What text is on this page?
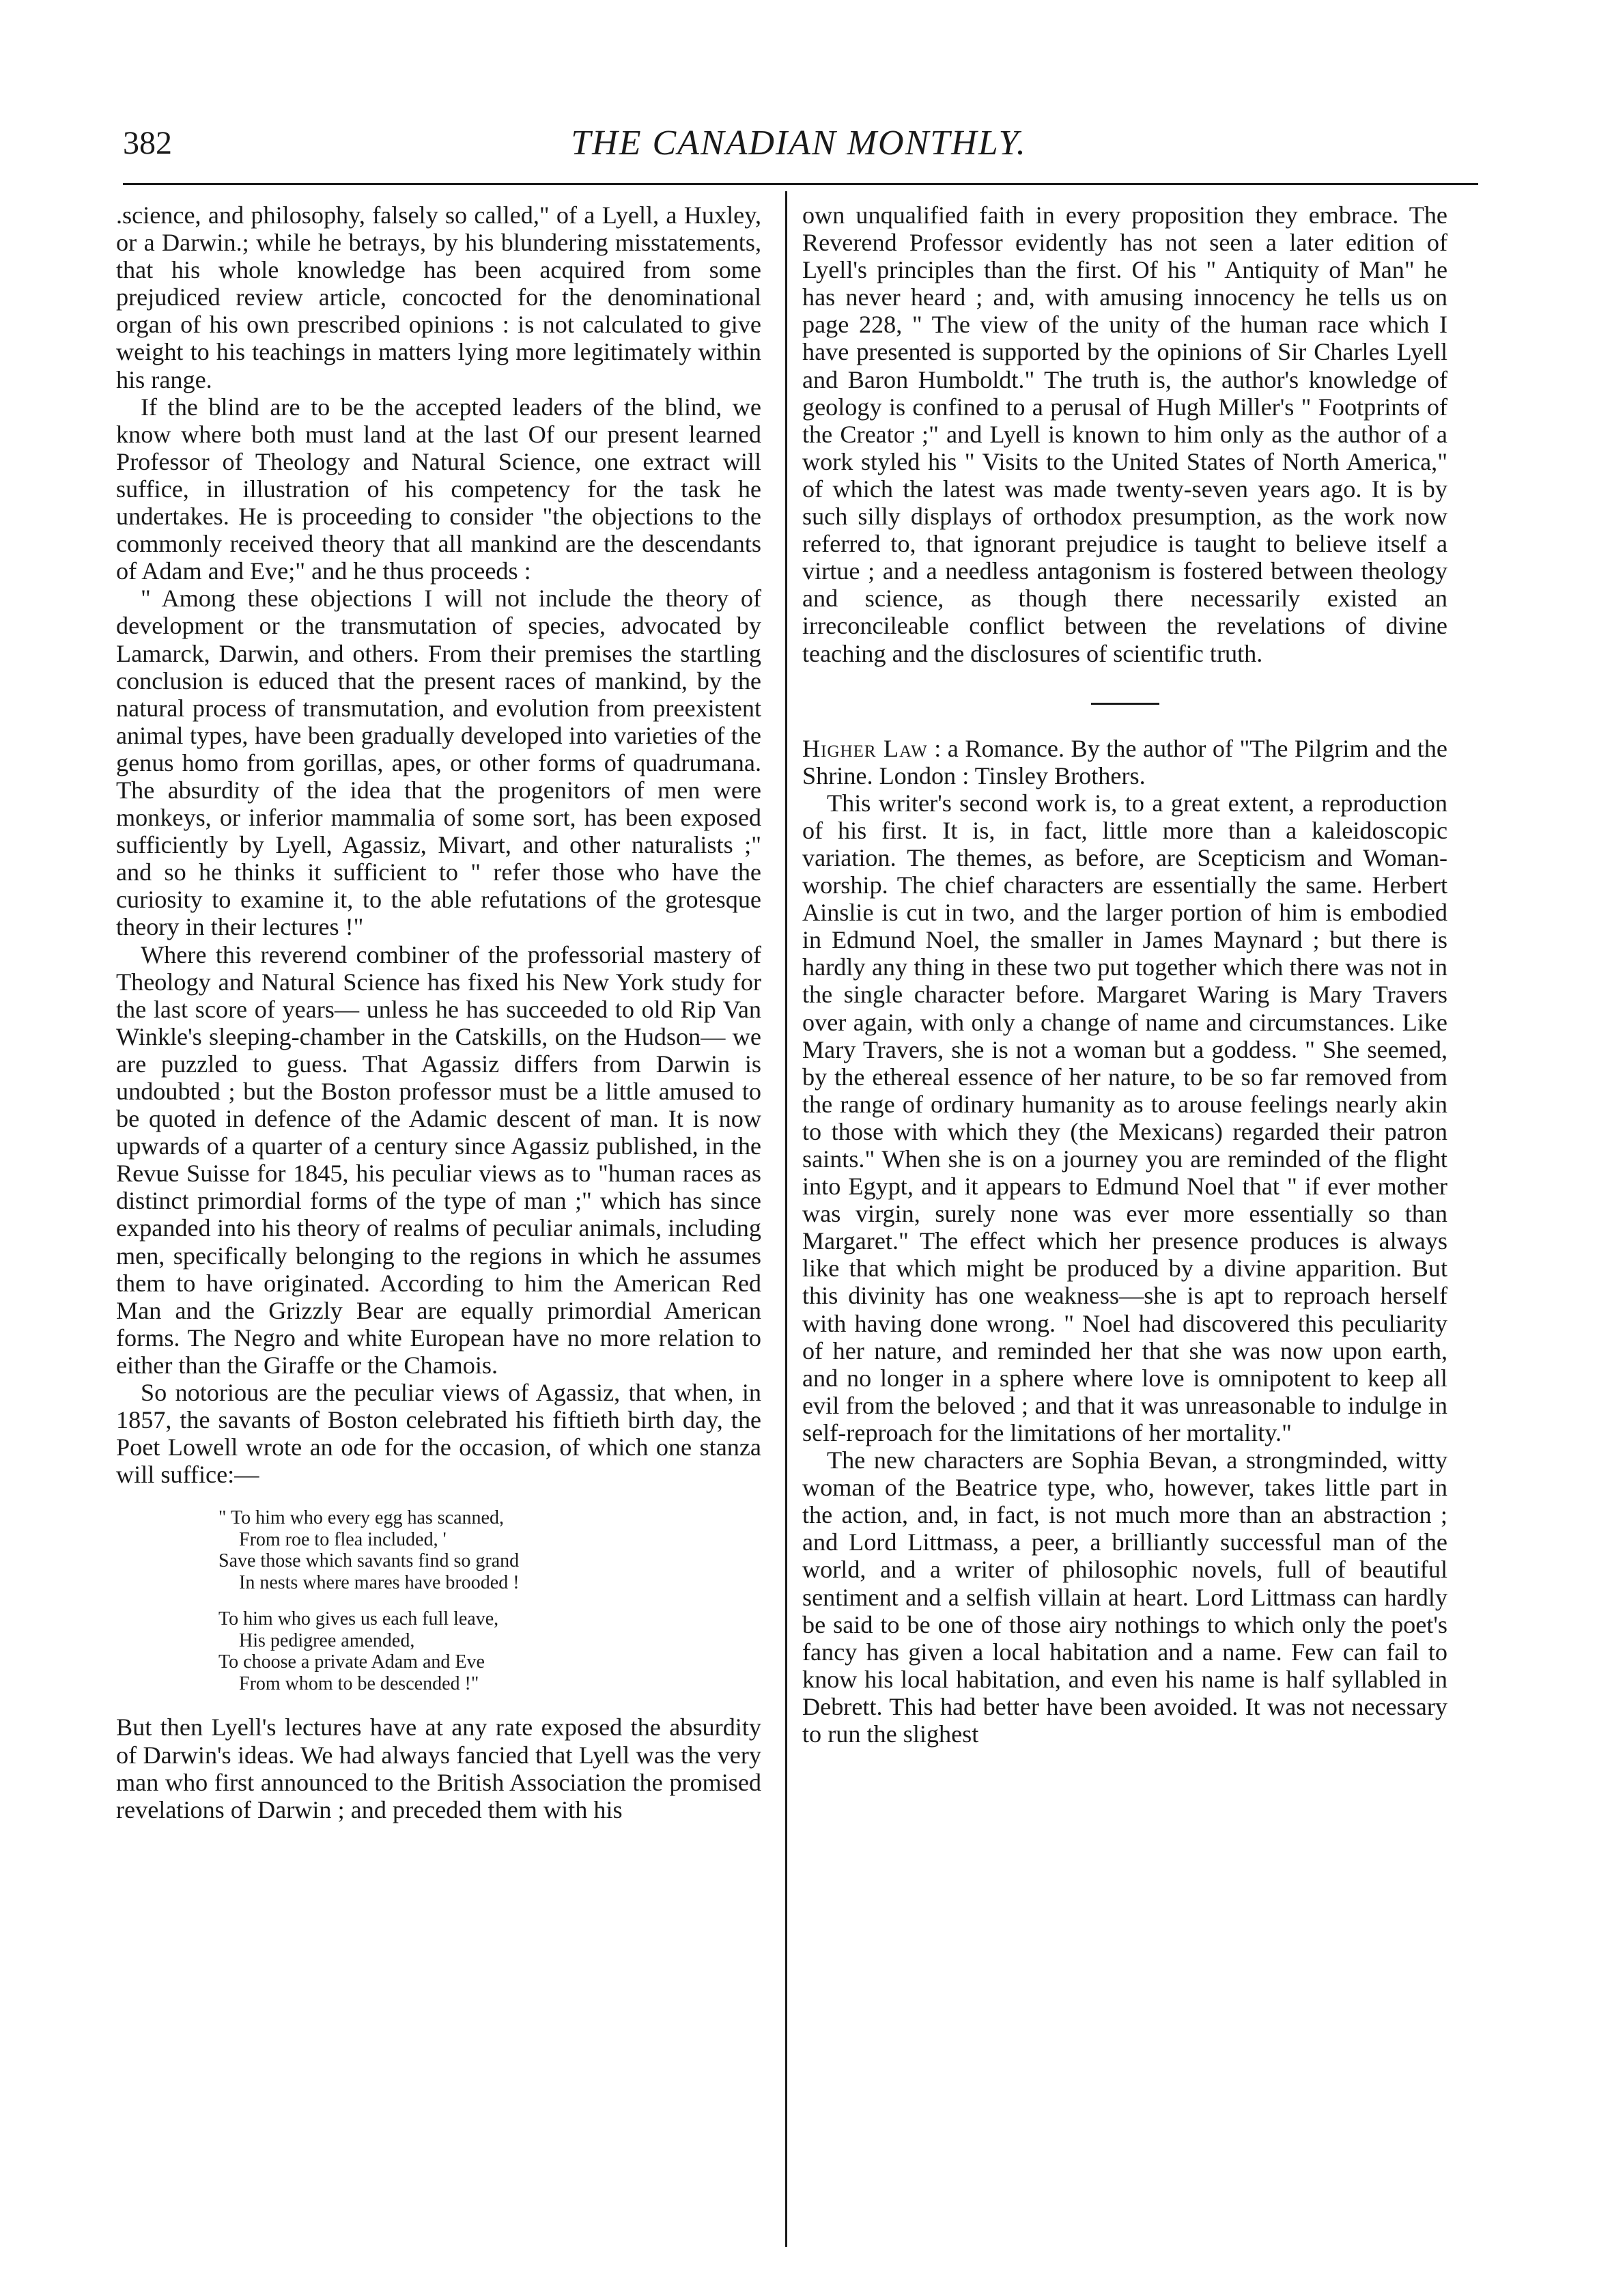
382	THE CANADIAN MONTHLY.

.science, and philosophy, falsely so called," of a Lyell, a Huxley, or a Darwin.; while he betrays, by his blundering misstatements, that his whole knowledge has been acquired from some prejudiced review article, concocted for the denominational organ of his own prescribed opinions : is not calculated to give weight to his teachings in matters lying more legitimately within his range.

If the blind are to be the accepted leaders of the blind, we know where both must land at the last Of our present learned Professor of Theology and Natural Science, one extract will suffice, in illustration of his competency for the task he undertakes. He is proceeding to consider "the objections to the commonly received theory that all mankind are the descendants of Adam and Eve;" and he thus proceeds :

" Among these objections I will not include the theory of development or the transmutation of species, advocated by Lamarck, Darwin, and others. From their premises the startling conclusion is educed that the present races of mankind, by the natural process of transmutation, and evolution from preexistent animal types, have been gradually developed into varieties of the genus homo from gorillas, apes, or other forms of quadrumana. The absurdity of the idea that the progenitors of men were monkeys, or inferior mammalia of some sort, has been exposed sufficiently by Lyell, Agassiz, Mivart, and other naturalists ;" and so he thinks it sufficient to " refer those who have the curiosity to examine it, to the able refutations of the grotesque theory in their lectures !"

Where this reverend combiner of the professorial mastery of Theology and Natural Science has fixed his New York study for the last score of years— unless he has succeeded to old Rip Van Winkle's sleeping-chamber in the Catskills, on the Hudson— we are puzzled to guess. That Agassiz differs from Darwin is undoubted ; but the Boston professor must be a little amused to be quoted in defence of the Adamic descent of man. It is now upwards of a quarter of a century since Agassiz published, in the Revue Suisse for 1845, his peculiar views as to "human races as distinct primordial forms of the type of man ;" which has since expanded into his theory of realms of peculiar animals, including men, specifically belonging to the regions in which he assumes them to have originated. According to him the American Red Man and the Grizzly Bear are equally primordial American forms. The Negro and white European have no more relation to either than the Giraffe or the Chamois.

So notorious are the peculiar views of Agassiz, that when, in 1857, the savants of Boston celebrated his fiftieth birth day, the Poet Lowell wrote an ode for the occasion, of which one stanza will suffice:—

" To him who every egg has scanned,
From roe to flea included, '
Save those which savants find so grand
In nests where mares have brooded !
To him who gives us each full leave,
His pedigree amended,
To choose a private Adam and Eve
From whom to be descended !"

But then Lyell's lectures have at any rate exposed the absurdity of Darwin's ideas. We had always fancied that Lyell was the very man who first announced to the British Association the promised revelations of Darwin ; and preceded them with his

own unqualified faith in every proposition they embrace. The Reverend Professor evidently has not seen a later edition of Lyell's principles than the first. Of his " Antiquity of Man" he has never heard ; and, with amusing innocency he tells us on page 228, " The view of the unity of the human race which I have presented is supported by the opinions of Sir Charles Lyell and Baron Humboldt." The truth is, the author's knowledge of geology is confined to a perusal of Hugh Miller's " Footprints of the Creator ;" and Lyell is known to him only as the author of a work styled his " Visits to the United States of North America," of which the latest was made twenty-seven years ago. It is by such silly displays of orthodox presumption, as the work now referred to, that ignorant prejudice is taught to believe itself a virtue ; and a needless antagonism is fostered between theology and science, as though there necessarily existed an irreconcileable conflict between the revelations of divine teaching and the disclosures of scientific truth.

Higher Law : a Romance. By the author of "The Pilgrim and the Shrine. London : Tinsley Brothers.

This writer's second work is, to a great extent, a reproduction of his first. It is, in fact, little more than a kaleidoscopic variation. The themes, as before, are Scepticism and Woman-worship. The chief characters are essentially the same. Herbert Ainslie is cut in two, and the larger portion of him is embodied in Edmund Noel, the smaller in James Maynard ; but there is hardly any thing in these two put together which there was not in the single character before. Margaret Waring is Mary Travers over again, with only a change of name and circumstances. Like Mary Travers, she is not a woman but a goddess. " She seemed, by the ethereal essence of her nature, to be so far removed from the range of ordinary humanity as to arouse feelings nearly akin to those with which they (the Mexicans) regarded their patron saints." When she is on a journey you are reminded of the flight into Egypt, and it appears to Edmund Noel that " if ever mother was virgin, surely none was ever more essentially so than Margaret." The effect which her presence produces is always like that which might be produced by a divine apparition. But this divinity has one weakness—she is apt to reproach herself with having done wrong. " Noel had discovered this peculiarity of her nature, and reminded her that she was now upon earth, and no longer in a sphere where love is omnipotent to keep all evil from the beloved ; and that it was unreasonable to indulge in self-reproach for the limitations of her mortality."

The new characters are Sophia Bevan, a strongminded, witty woman of the Beatrice type, who, however, takes little part in the action, and, in fact, is not much more than an abstraction ; and Lord Littmass, a peer, a brilliantly successful man of the world, and a writer of philosophic novels, full of beautiful sentiment and a selfish villain at heart. Lord Littmass can hardly be said to be one of those airy nothings to which only the poet's fancy has given a local habitation and a name. Few can fail to know his local habitation, and even his name is half syllabled in Debrett. This had better have been avoided. It was not necessary to run the slighest
